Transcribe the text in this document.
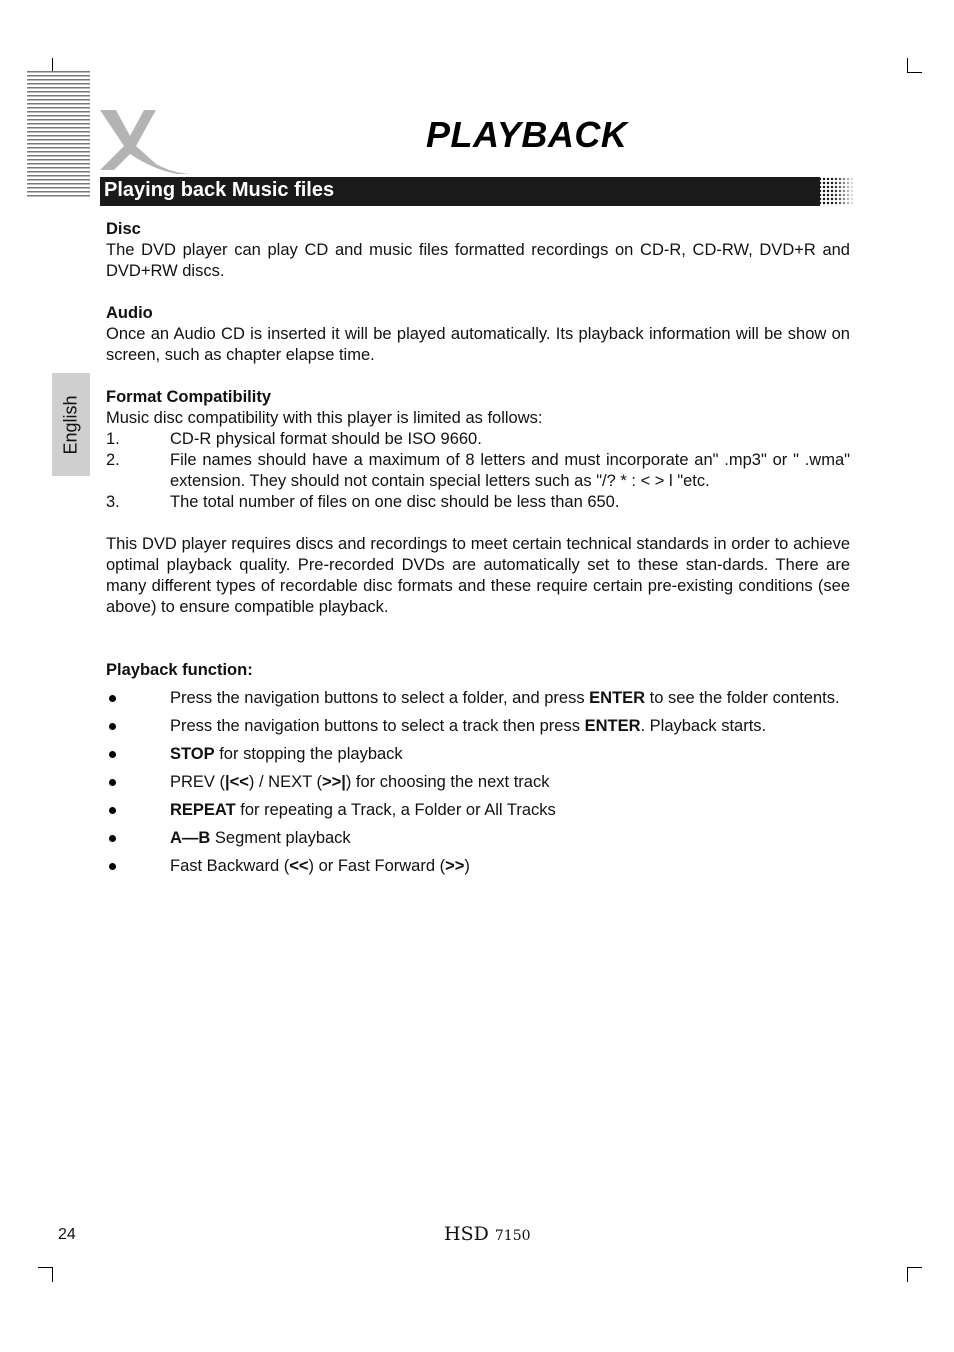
PLAYBACK
Playing back Music files
English

Disc

The DVD player can play CD and music files formatted recordings on CD-R, CD-RW, DVD+R and DVD+RW discs.

Audio

Once an Audio CD is inserted it will be played automatically. Its playback information will be show on screen, such as chapter elapse time.

Format Compatibility

Music disc compatibility with this player is limited as follows:

1.	CD-R physical format should be ISO 9660.
2.	File names should have a maximum of 8 letters and must incorporate an" .mp3" or " .wma" extension. They should not contain special letters such as "/? * : < > l "etc.
3.	The total number of files on one disc should be less than 650.

This DVD player requires discs and recordings to meet certain technical standards in order to achieve optimal playback quality. Pre-recorded DVDs are automatically set to these stan-dards. There are many different types of recordable disc formats and these require certain pre-existing conditions (see above) to ensure compatible playback.

Playback function:

Press the navigation buttons to select a folder, and press ENTER to see the folder contents.
Press the navigation buttons to select a track then press ENTER. Playback starts.
STOP for stopping the playback
PREV (|<<) / NEXT (>>|) for choosing the next track
REPEAT for repeating a Track, a Folder or All Tracks
A—B Segment playback
Fast Backward (<<) or Fast Forward (>>)
24	HSD 7150
